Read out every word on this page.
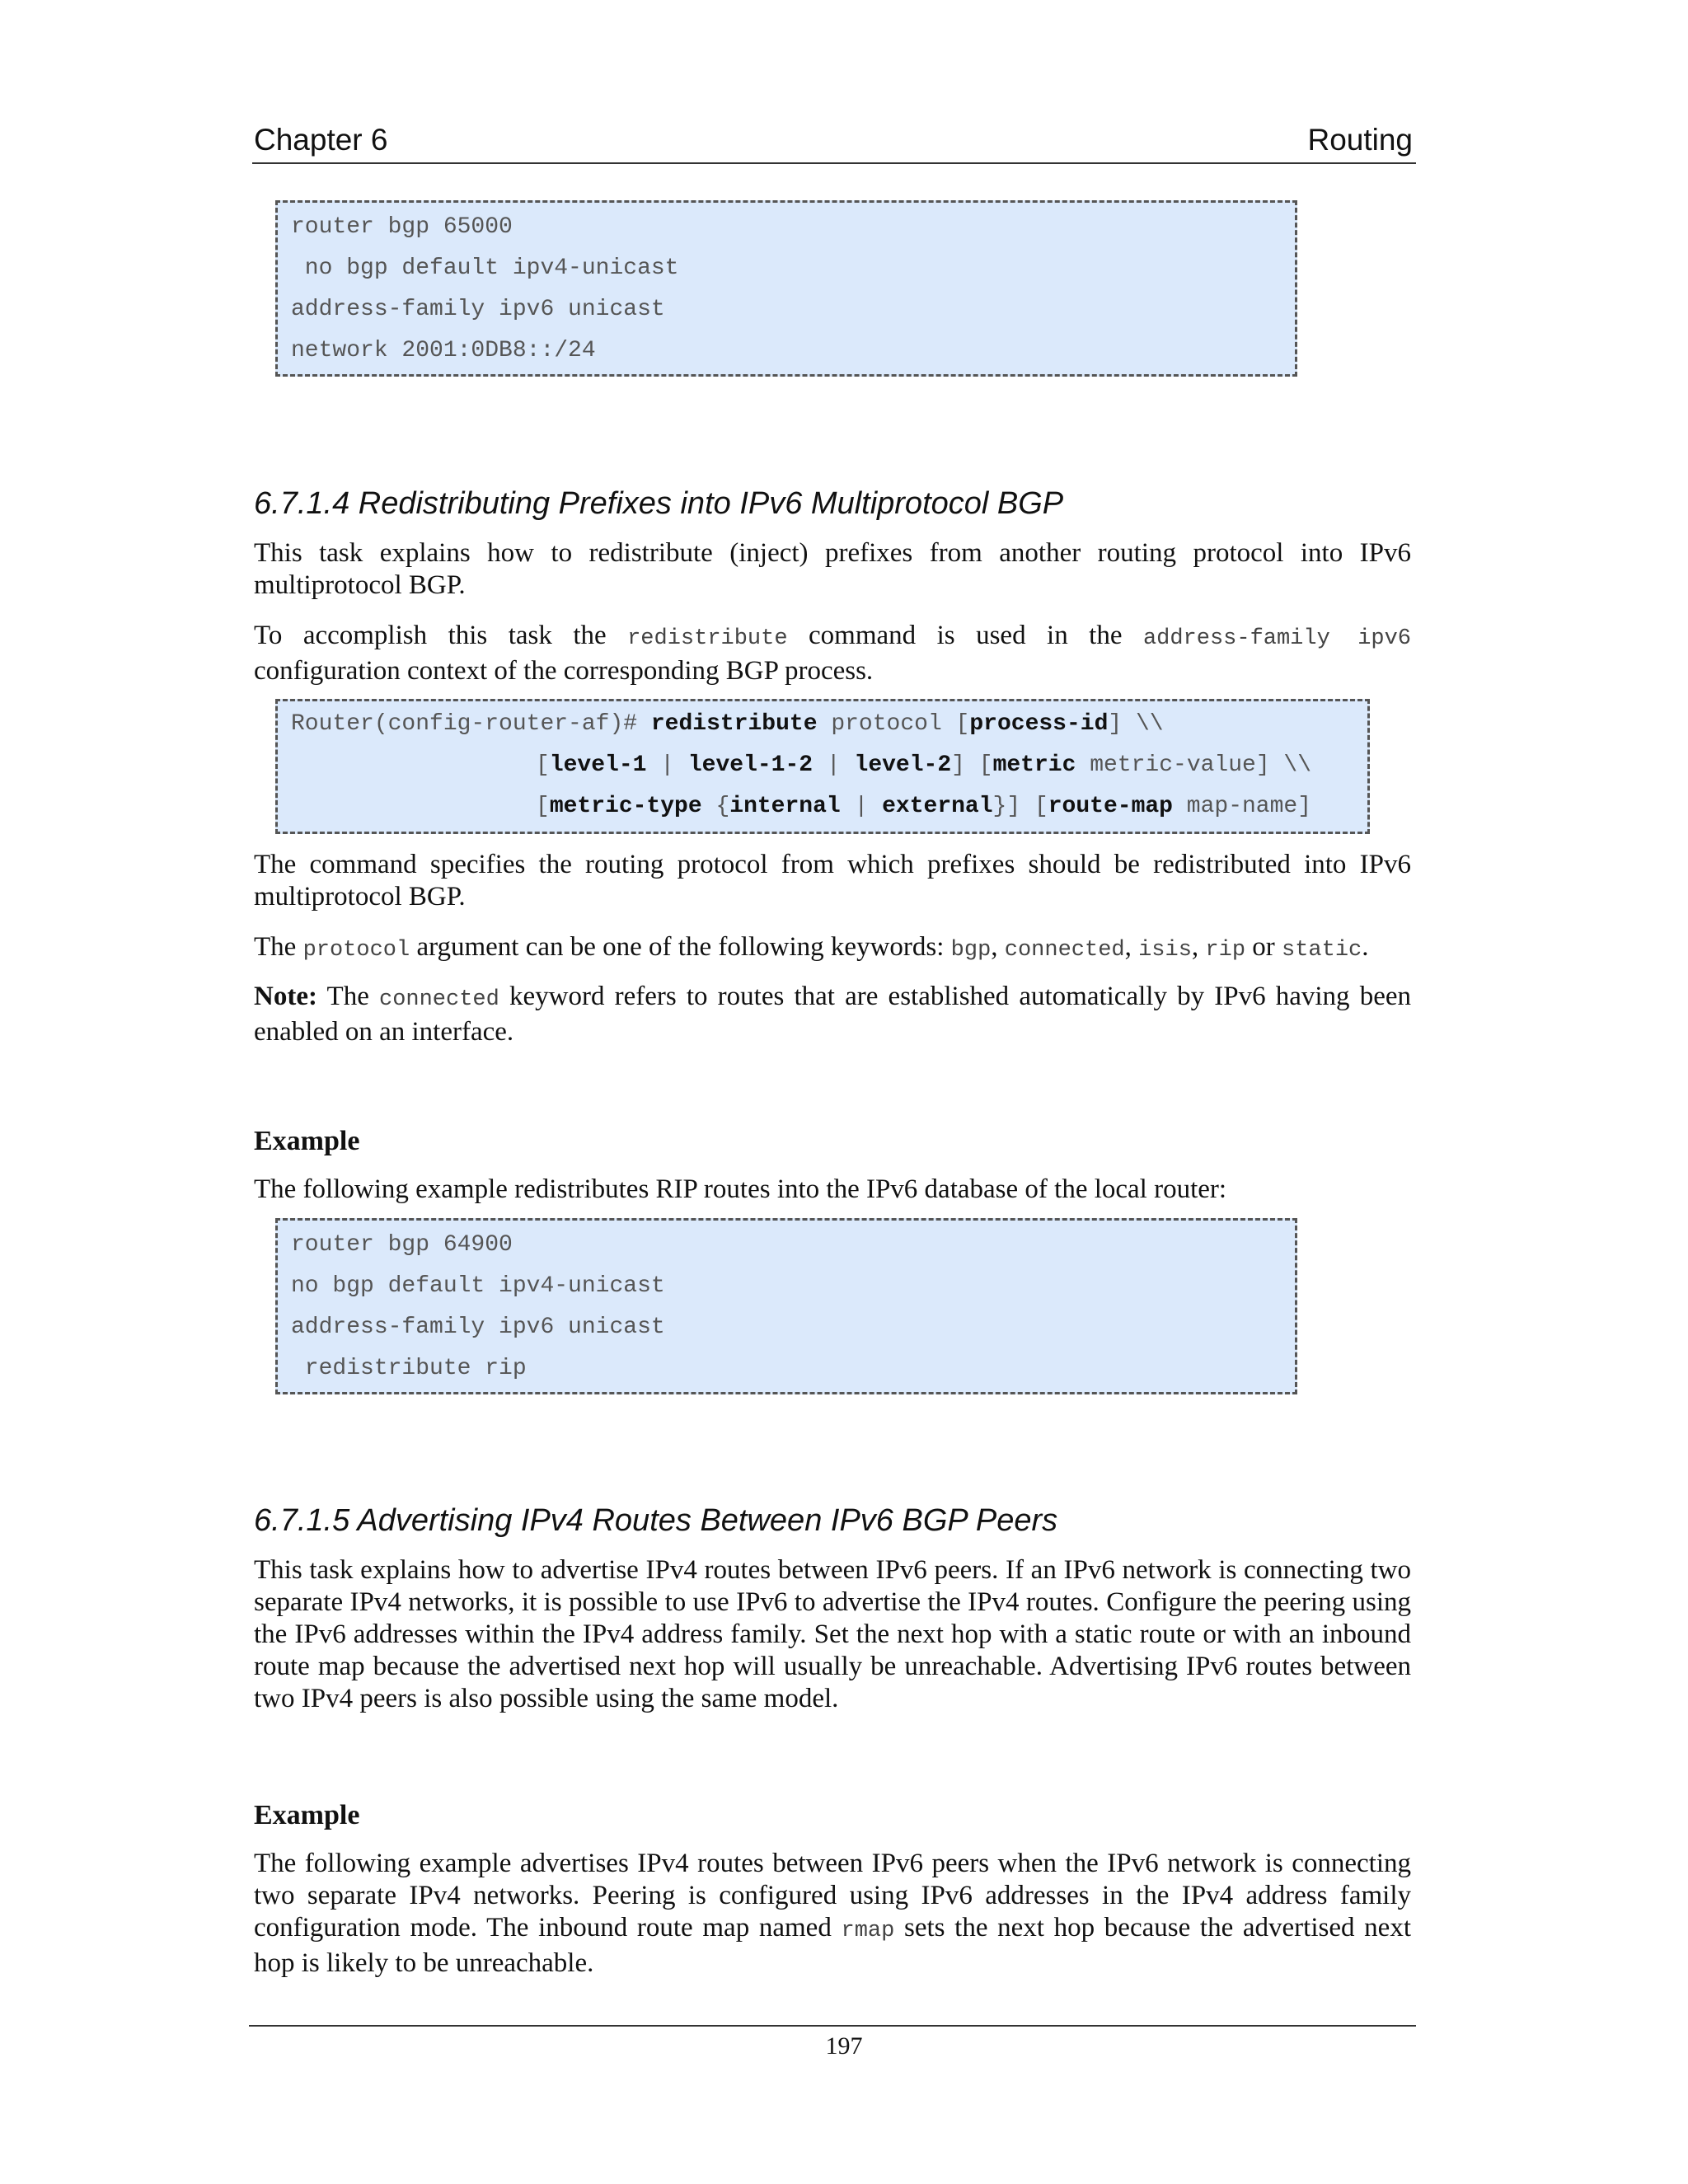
Chapter 6	Routing
router bgp 65000
no bgp default ipv4-unicast
address-family ipv6 unicast
network 2001:0DB8::/24
6.7.1.4 Redistributing Prefixes into IPv6 Multiprotocol BGP
This task explains how to redistribute (inject) prefixes from another routing protocol into IPv6 multiprotocol BGP.
To accomplish this task the redistribute command is used in the address-family ipv6
configuration context of the corresponding BGP process.
Router(config-router-af)# redistribute protocol [process-id] \\
[level-1 | level-1-2 | level-2] [metric metric-value] \\
[metric-type {internal | external}] [route-map map-name]
The command specifies the routing protocol from which prefixes should be redistributed into IPv6 multiprotocol BGP.
The protocol argument can be one of the following keywords: bgp, connected, isis, rip or static.
Note: The connected keyword refers to routes that are established automatically by IPv6 having been enabled on an interface.
Example
The following example redistributes RIP routes into the IPv6 database of the local router:
router bgp 64900
no bgp default ipv4-unicast
address-family ipv6 unicast
redistribute rip
6.7.1.5 Advertising IPv4 Routes Between IPv6 BGP Peers
This task explains how to advertise IPv4 routes between IPv6 peers. If an IPv6 network is connecting two separate IPv4 networks, it is possible to use IPv6 to advertise the IPv4 routes. Configure the peering using the IPv6 addresses within the IPv4 address family. Set the next hop with a static route or with an inbound route map because the advertised next hop will usually be unreachable. Advertising IPv6 routes between two IPv4 peers is also possible using the same model.
Example
The following example advertises IPv4 routes between IPv6 peers when the IPv6 network is connecting two separate IPv4 networks. Peering is configured using IPv6 addresses in the IPv4 address family configuration mode. The inbound route map named rmap sets the next hop because the advertised next hop is likely to be unreachable.
197
